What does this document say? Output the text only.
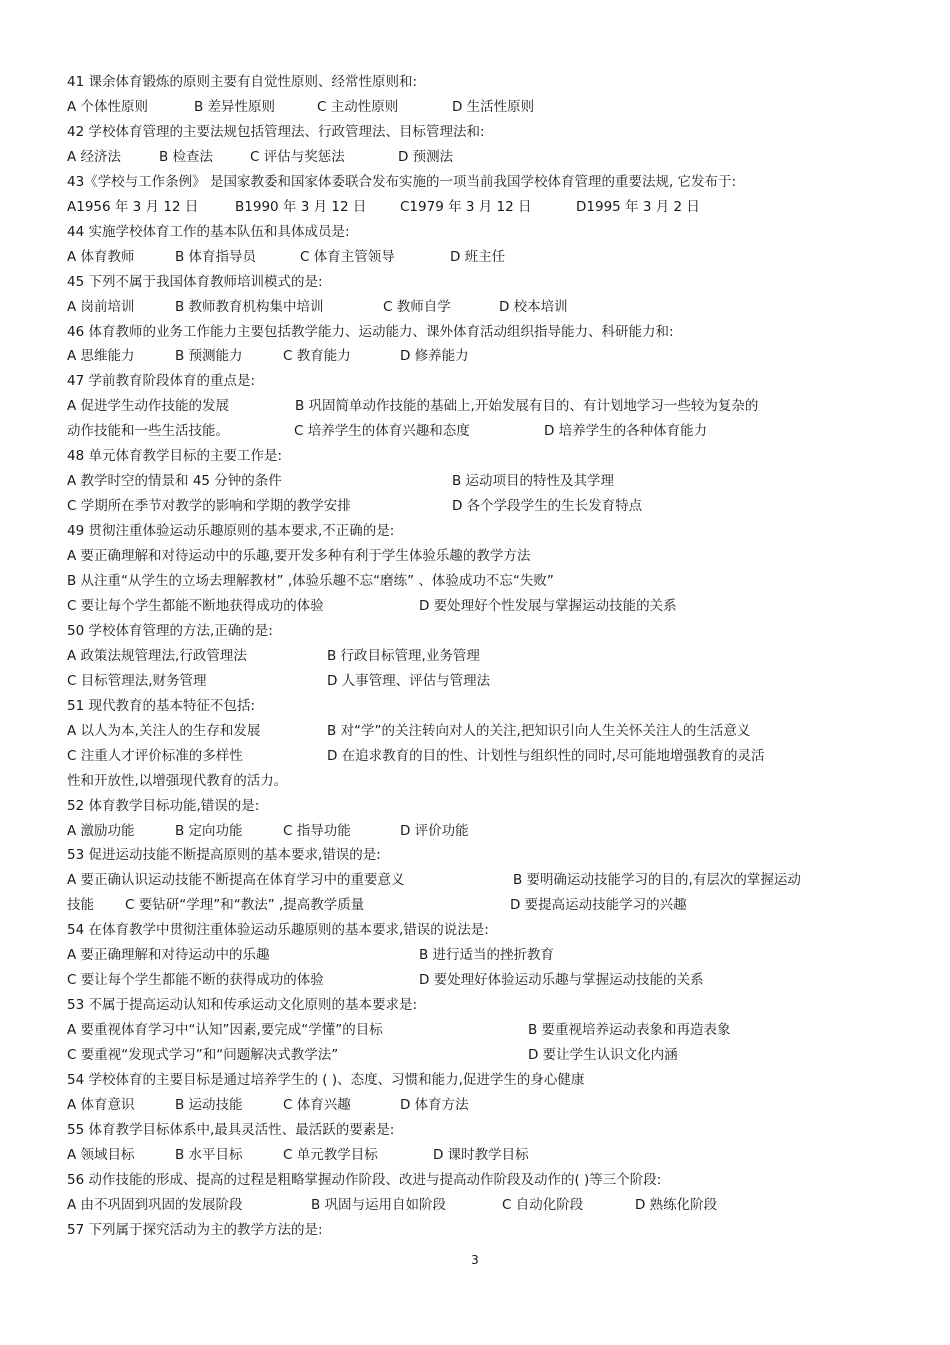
41 课余体育锻炼的原则主要有自觉性原则、经常性原则和:
A 个体性原则	B 差异性原则	C 主动性原则	D 生活性原则
42 学校体育管理的主要法规包括管理法、行政管理法、目标管理法和:
A 经济法	B 检查法	C 评估与奖惩法	D 预测法
43《学校与工作条例》 是国家教委和国家体委联合发布实施的一项当前我国学校体育管理的重要法规, 它发布于:
A1956 年 3 月 12 日	B1990 年 3 月 12 日 C1979 年 3 月 12 日	D1995 年 3 月 2 日
44 实施学校体育工作的基本队伍和具体成员是:
A 体育教师	B 体育指导员	C 体育主管领导	D 班主任
45 下列不属于我国体育教师培训模式的是:
A 岗前培训	B 教师教育机构集中培训	C 教师自学	D 校本培训
46 体育教师的业务工作能力主要包括教学能力、运动能力、课外体育活动组织指导能力、科研能力和:
A 思维能力	B 预测能力	C 教育能力	D 修养能力
47 学前教育阶段体育的重点是:
A 促进学生动作技能的发展	B 巩固简单动作技能的基础上,开始发展有目的、有计划地学习一些较为复杂的
动作技能和一些生活技能。	C 培养学生的体育兴趣和态度	D 培养学生的各种体育能力
48 单元体育教学目标的主要工作是:
A 教学时空的情景和 45 分钟的条件	B 运动项目的特性及其学理
C 学期所在季节对教学的影响和学期的教学安排	D 各个学段学生的生长发育特点
49 贯彻注重体验运动乐趣原则的基本要求,不正确的是:
A 要正确理解和对待运动中的乐趣,要开发多种有利于学生体验乐趣的教学方法
B 从注重“从学生的立场去理解教材” ,体验乐趣不忘“磨练” 、体验成功不忘“失败”
C 要让每个学生都能不断地获得成功的体验	D 要处理好个性发展与掌握运动技能的关系
50 学校体育管理的方法,正确的是:
A 政策法规管理法,行政管理法	B 行政目标管理,业务管理
C 目标管理法,财务管理	D 人事管理、评估与管理法
51 现代教育的基本特征不包括:
A 以人为本,关注人的生存和发展	B 对“学”的关注转向对人的关注,把知识引向人生关怀关注人的生活意义
C 注重人才评价标准的多样性	D 在追求教育的目的性、计划性与组织性的同时,尽可能地增强教育的灵活
性和开放性,以增强现代教育的活力。
52 体育教学目标功能,错误的是:
A 激励功能	B 定向功能	C 指导功能	D 评价功能
53 促进运动技能不断提高原则的基本要求,错误的是:
A 要正确认识运动技能不断提高在体育学习中的重要意义	B 要明确运动技能学习的目的,有层次的掌握运动
技能 C 要钻研“学理”和“教法” ,提高教学质量	D 要提高运动技能学习的兴趣
54 在体育教学中贯彻注重体验运动乐趣原则的基本要求,错误的说法是:
A 要正确理解和对待运动中的乐趣	B 进行适当的挫折教育
C 要让每个学生都能不断的获得成功的体验	D 要处理好体验运动乐趣与掌握运动技能的关系
53 不属于提高运动认知和传承运动文化原则的基本要求是:
A 要重视体育学习中“认知”因素,要完成“学懂”的目标	B 要重视培养运动表象和再造表象
C 要重视“发现式学习”和“问题解决式教学法”	D 要让学生认识文化内涵
54 学校体育的主要目标是通过培养学生的 ( )、态度、习惯和能力,促进学生的身心健康
A 体育意识	B 运动技能	C 体育兴趣	D 体育方法
55 体育教学目标体系中,最具灵活性、最活跃的要素是:
A 领域目标	B 水平目标	C 单元教学目标	D 课时教学目标
56 动作技能的形成、提高的过程是粗略掌握动作阶段、改进与提高动作阶段及动作的( )等三个阶段:
A 由不巩固到巩固的发展阶段	B 巩固与运用自如阶段	C 自动化阶段	D 熟练化阶段
57 下列属于探究活动为主的教学方法的是:
3
